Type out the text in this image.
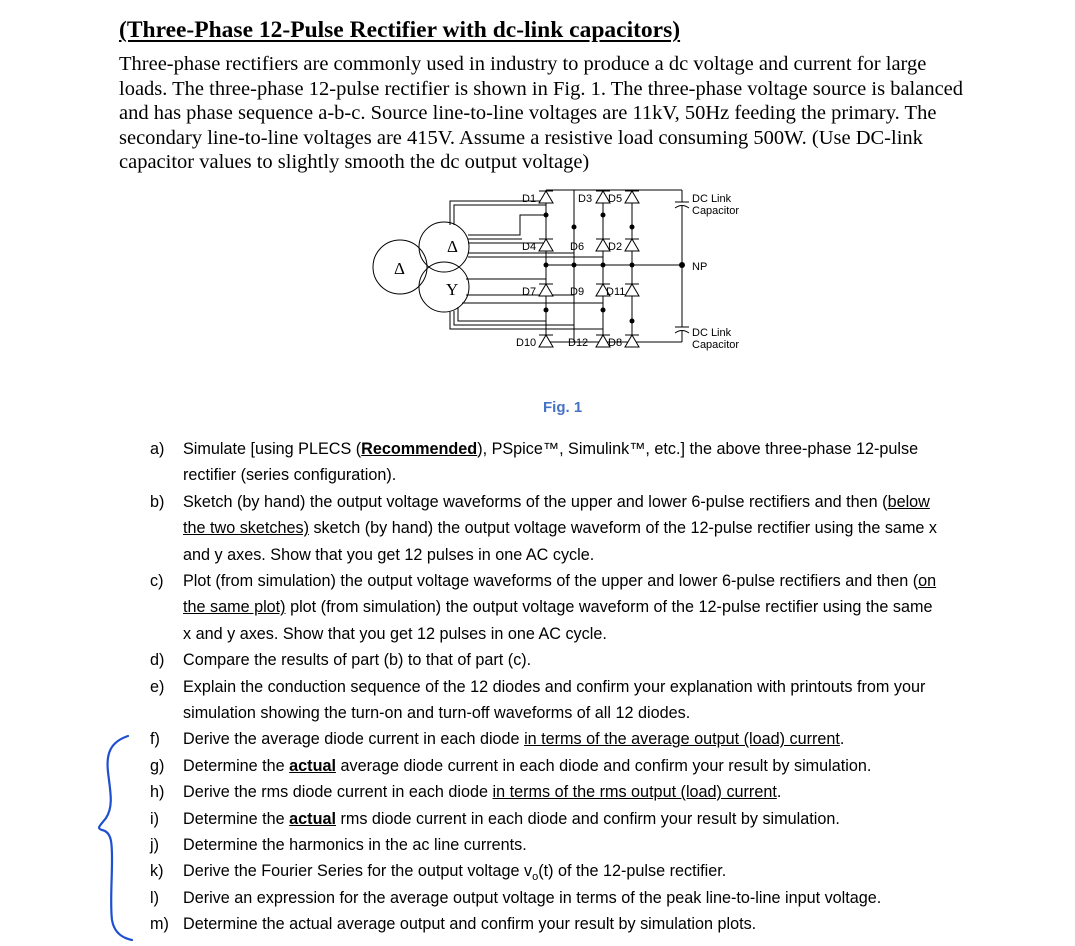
(Three-Phase 12-Pulse Rectifier with dc-link capacitors)
Three-phase rectifiers are commonly used in industry to produce a dc voltage and current for large
loads. The three-phase 12-pulse rectifier is shown in Fig. 1. The three-phase voltage source is balanced
and has phase sequence a-b-c. Source line-to-line voltages are 11kV, 50Hz feeding the primary. The
secondary line-to-line voltages are 415V. Assume a resistive load consuming 500W. (Use DC-link
capacitor values to slightly smooth the dc output voltage)
D1	D3 D5
D4	D6 D2
D7	D9 D11
D10	D12 D8
DC Link
Capacitor
NP
DC Link
Capacitor
Δ
Δ
Y
Fig. 1
a) Simulate [using PLECS (Recommended), PSpice™, Simulink™, etc.] the above three-phase 12-pulse
rectifier (series configuration).
b) Sketch (by hand) the output voltage waveforms of the upper and lower 6-pulse rectifiers and then (below
the two sketches) sketch (by hand) the output voltage waveform of the 12-pulse rectifier using the same x
and y axes. Show that you get 12 pulses in one AC cycle.
c) Plot (from simulation) the output voltage waveforms of the upper and lower 6-pulse rectifiers and then (on
the same plot) plot (from simulation) the output voltage waveform of the 12-pulse rectifier using the same
x and y axes. Show that you get 12 pulses in one AC cycle.
d) Compare the results of part (b) to that of part (c).
e) Explain the conduction sequence of the 12 diodes and confirm your explanation with printouts from your
simulation showing the turn-on and turn-off waveforms of all 12 diodes.
f) Derive the average diode current in each diode in terms of the average output (load) current.
g) Determine the actual average diode current in each diode and confirm your result by simulation.
h) Derive the rms diode current in each diode in terms of the rms output (load) current.
i) Determine the actual rms diode current in each diode and confirm your result by simulation.
j) Determine the harmonics in the ac line currents.
k) Derive the Fourier Series for the output voltage $v_o(t)$ of the 12-pulse rectifier.
l) Derive an expression for the average output voltage in terms of the peak line-to-line input voltage.
m) Determine the actual average output and confirm your result by simulation plots.
